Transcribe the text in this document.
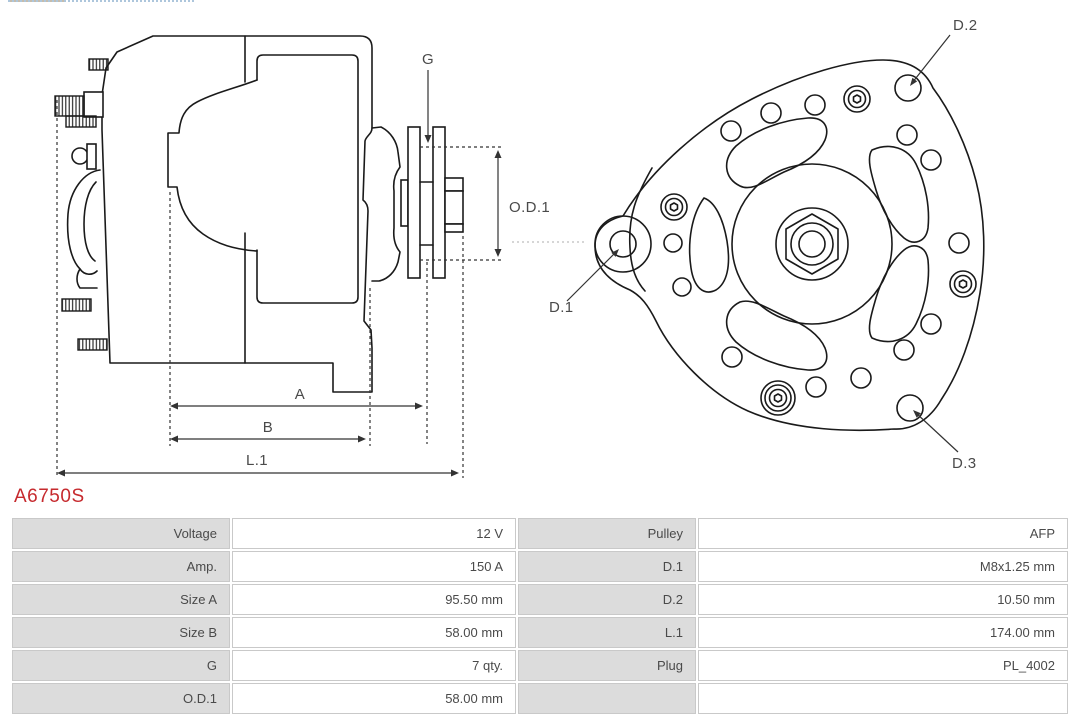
G
O.D.1
A
B
L.1
D.2
D.1
D.3
A6750S
Voltage	12 V	Pulley	AFP
Amp.	150 A	D.1	M8x1.25 mm
Size A	95.50 mm	D.2	10.50 mm
Size B	58.00 mm	L.1	174.00 mm
G	7 qty.	Plug	PL_4002
O.D.1	58.00 mm		
